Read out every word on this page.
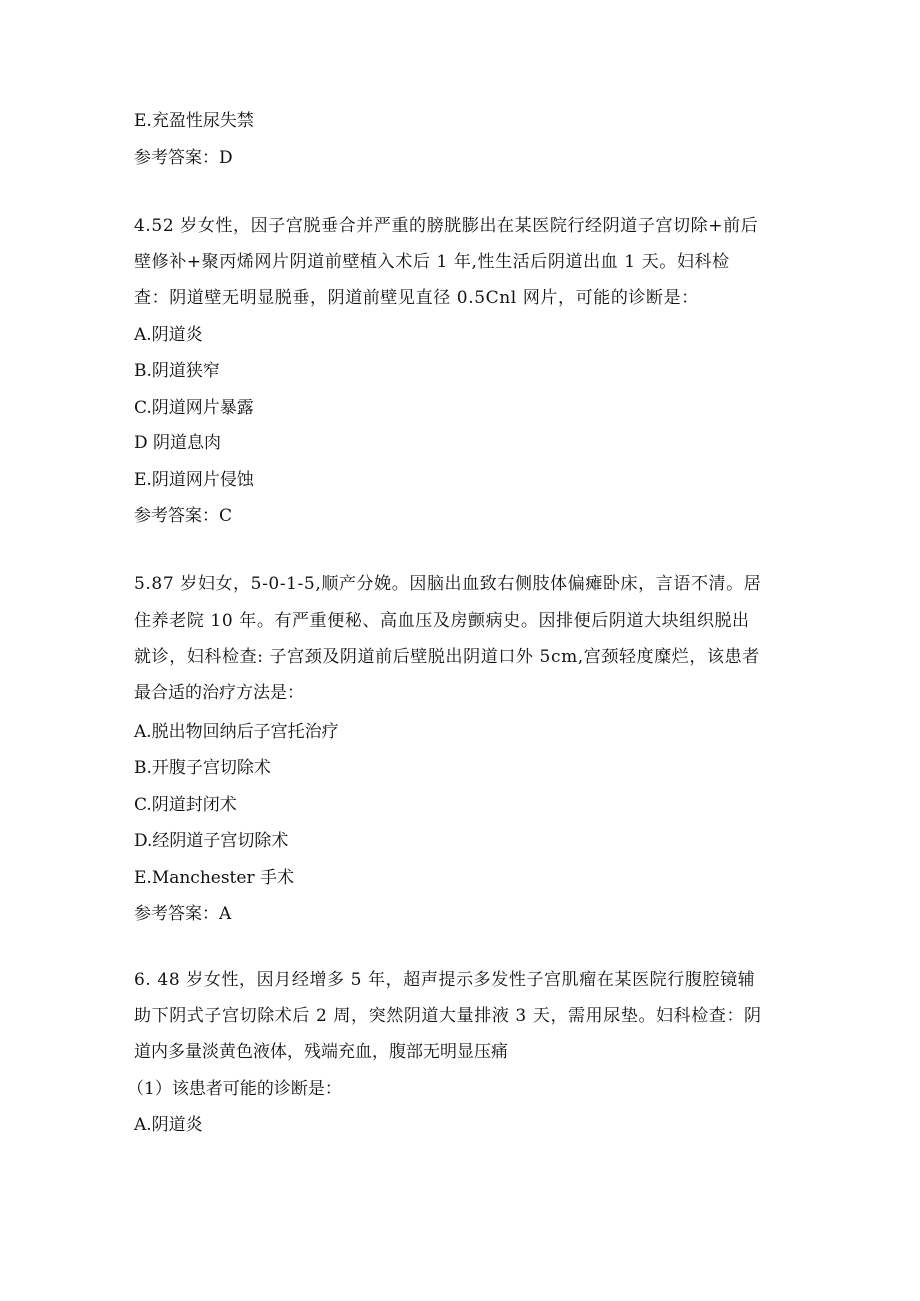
E.充盈性尿失禁
参考答案：D
4.52 岁女性，因子宫脱垂合并严重的膀胱膨出在某医院行经阴道子宫切除+前后
壁修补+聚丙烯网片阴道前壁植入术后 1 年,性生活后阴道出血 1 天。妇科检
查：阴道壁无明显脱垂，阴道前壁见直径 0.5Cnl 网片，可能的诊断是：
A.阴道炎
B.阴道狭窄
C.阴道网片暴露
D 阴道息肉
E.阴道网片侵蚀
参考答案：C
5.87 岁妇女，5-0-1-5,顺产分娩。因脑出血致右侧肢体偏瘫卧床，言语不清。居
住养老院 10 年。有严重便秘、高血压及房颤病史。因排便后阴道大块组织脱出
就诊，妇科检查: 子宫颈及阴道前后壁脱出阴道口外 5cm,宫颈轻度糜烂，该患者
最合适的治疗方法是：
A.脱出物回纳后子宫托治疗
B.开腹子宫切除术
C.阴道封闭术
D.经阴道子宫切除术
E.Manchester 手术
参考答案：A
6. 48 岁女性，因月经增多 5 年，超声提示多发性子宫肌瘤在某医院行腹腔镜辅
助下阴式子宫切除术后 2 周，突然阴道大量排液 3 天，需用尿垫。妇科检查：阴
道内多量淡黄色液体，残端充血，腹部无明显压痛
（1）该患者可能的诊断是：
A.阴道炎
